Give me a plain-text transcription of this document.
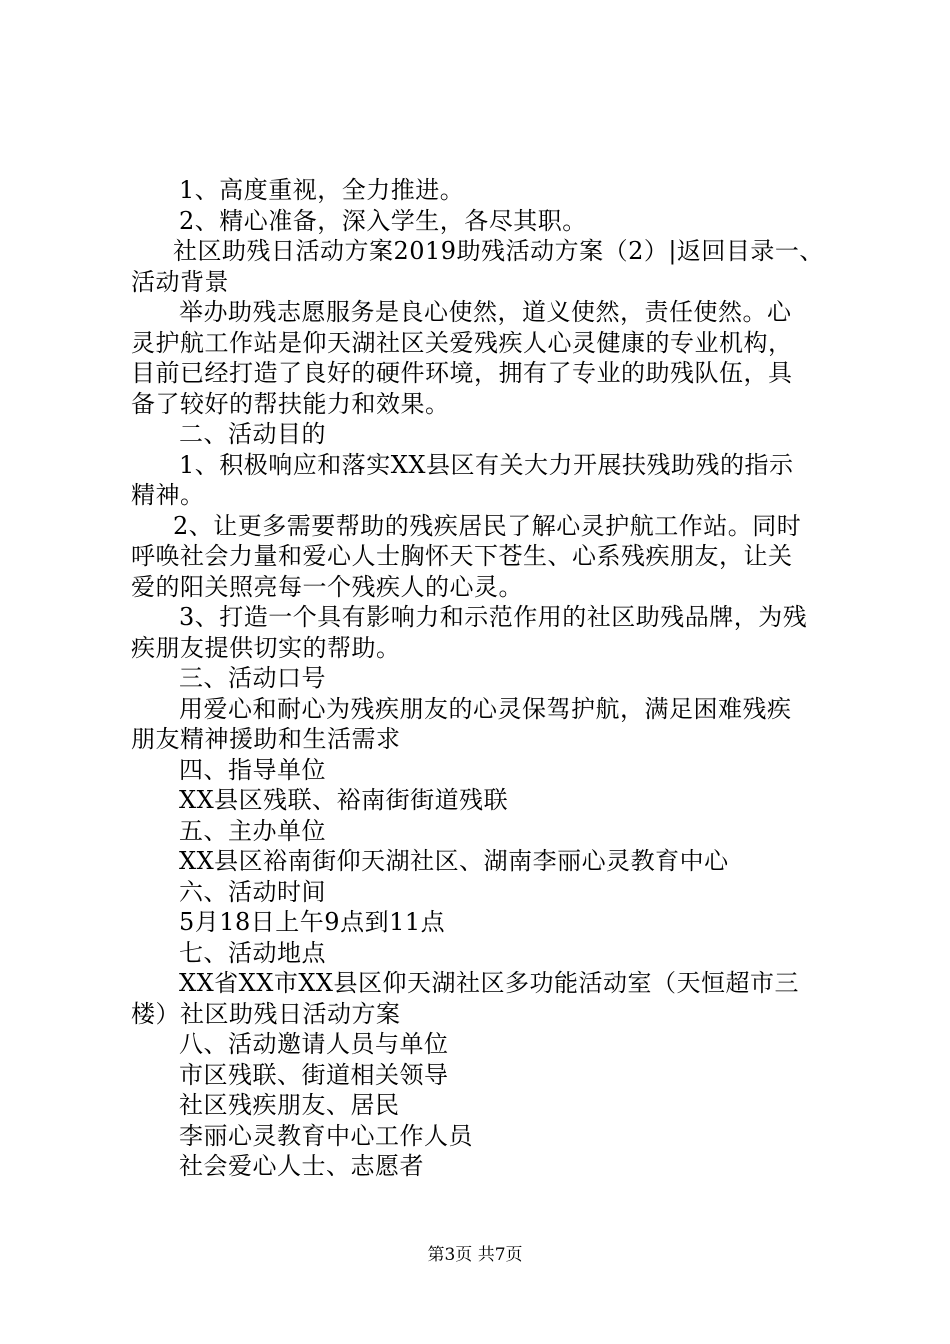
1、高度重视，全力推进。
2、精心准备，深入学生，各尽其职。
社区助残日活动方案2019助残活动方案（2）|返回目录一、
活动背景
举办助残志愿服务是良心使然，道义使然，责任使然。心
灵护航工作站是仰天湖社区关爱残疾人心灵健康的专业机构，
目前已经打造了良好的硬件环境，拥有了专业的助残队伍，具
备了较好的帮扶能力和效果。
二、活动目的
1、积极响应和落实XX县区有关大力开展扶残助残的指示
精神。
2、让更多需要帮助的残疾居民了解心灵护航工作站。同时
呼唤社会力量和爱心人士胸怀天下苍生、心系残疾朋友，让关
爱的阳关照亮每一个残疾人的心灵。
3、打造一个具有影响力和示范作用的社区助残品牌，为残
疾朋友提供切实的帮助。
三、活动口号
用爱心和耐心为残疾朋友的心灵保驾护航，满足困难残疾
朋友精神援助和生活需求
四、指导单位
XX县区残联、裕南街街道残联
五、主办单位
XX县区裕南街仰天湖社区、湖南李丽心灵教育中心
六、活动时间
5月18日上午9点到11点
七、活动地点
XX省XX市XX县区仰天湖社区多功能活动室（天恒超市三
楼）社区助残日活动方案
八、活动邀请人员与单位
市区残联、街道相关领导
社区残疾朋友、居民
李丽心灵教育中心工作人员
社会爱心人士、志愿者
第3页 共7页
